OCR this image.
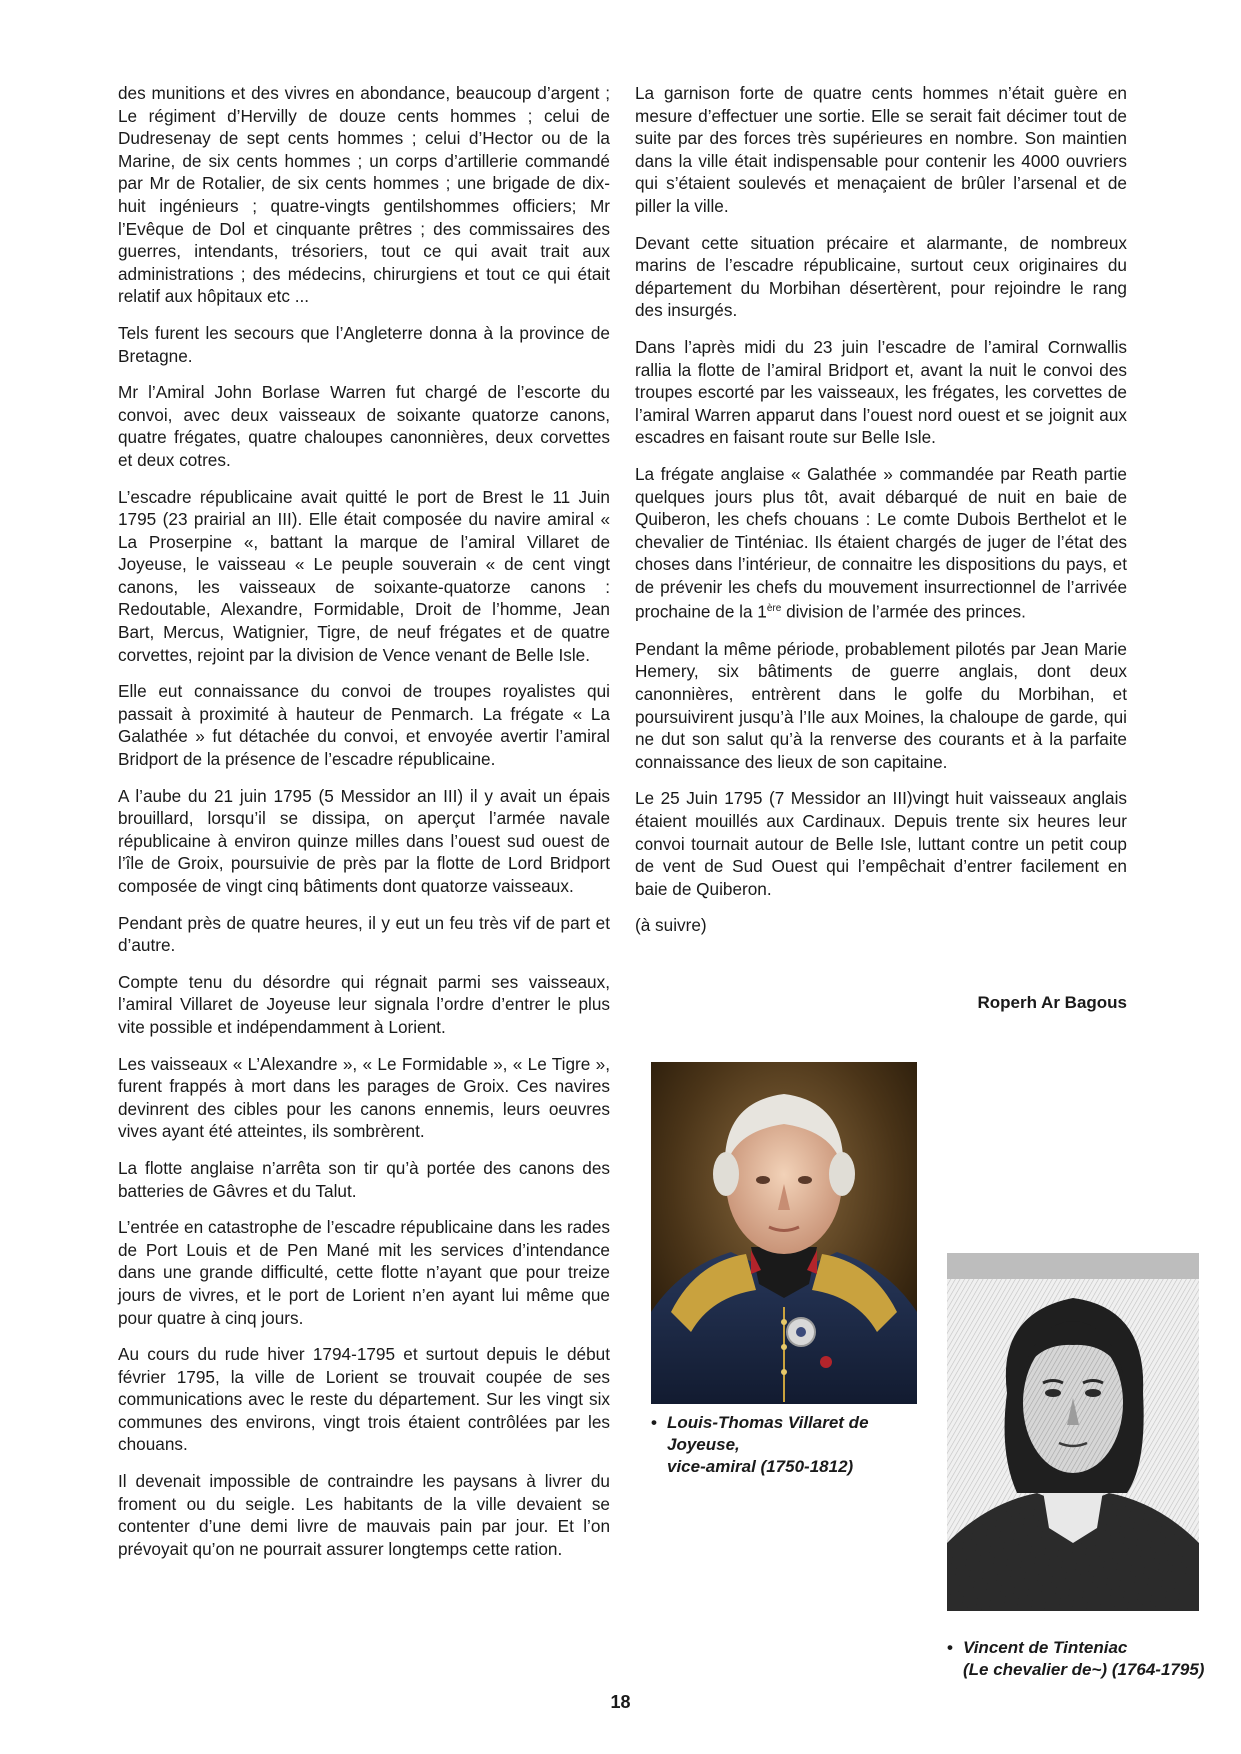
des munitions et des vivres en abondance, beaucoup d’argent ; Le régiment d’Hervilly de douze cents hommes ; celui de Dudresenay de sept cents hommes ; celui d’Hector ou de la Marine, de six cents hommes ; un corps d’artillerie commandé par Mr de Rotalier, de six cents hommes ; une brigade de dix-huit ingénieurs ; quatre-vingts gentilshommes officiers; Mr l’Evêque de Dol et cinquante prêtres ; des commissaires des guerres, intendants, trésoriers, tout ce qui avait trait aux administrations ; des médecins, chirurgiens et tout ce qui était relatif aux hôpitaux etc ...

Tels furent les secours que l’Angleterre donna à la province de Bretagne.

Mr l’Amiral John Borlase Warren fut chargé de l’escorte du convoi, avec deux vaisseaux de soixante quatorze canons, quatre frégates, quatre chaloupes canonnières, deux corvettes et deux cotres.

L’escadre républicaine avait quitté le port de Brest le 11 Juin 1795 (23 prairial an III). Elle était composée du navire amiral « La Proserpine «, battant la marque de l’amiral Villaret de Joyeuse, le vaisseau « Le peuple souverain « de cent vingt canons, les vaisseaux de soixante-quatorze canons : Redoutable, Alexandre, Formidable, Droit de l’homme, Jean Bart, Mercus, Watignier, Tigre, de neuf frégates et de quatre corvettes, rejoint par la division de Vence venant de Belle Isle.

Elle eut connaissance du convoi de troupes royalistes qui passait à proximité à hauteur de Penmarch. La frégate « La Galathée » fut détachée du convoi, et envoyée avertir l’amiral Bridport de la présence de l’escadre républicaine.

A l’aube du 21 juin 1795 (5 Messidor an III) il y avait un épais brouillard, lorsqu’il se dissipa, on aperçut l’armée navale républicaine à environ quinze milles dans l’ouest sud ouest de l’île de Groix, poursuivie de près par la flotte de Lord Bridport composée de vingt cinq bâtiments dont quatorze vaisseaux.

Pendant près de quatre heures, il y eut un feu très vif de part et d’autre.

Compte tenu du désordre qui régnait parmi ses vaisseaux, l’amiral Villaret de Joyeuse leur signala l’ordre d’entrer le plus vite possible et indépendamment à Lorient.

Les vaisseaux « L’Alexandre », « Le Formidable », « Le Tigre », furent frappés à mort dans les parages de Groix. Ces navires devinrent des cibles pour les canons ennemis, leurs oeuvres vives ayant été atteintes, ils sombrèrent.

La flotte anglaise n’arrêta son tir qu’à portée des canons des batteries de Gâvres et du Talut.

L’entrée en catastrophe de l’escadre républicaine dans les rades de Port Louis et de Pen Mané mit les services d’intendance dans une grande difficulté, cette flotte n’ayant que pour treize jours de vivres, et le port de Lorient n’en ayant lui même que pour quatre à cinq jours.

Au cours du rude hiver 1794-1795 et surtout depuis le début février 1795, la ville de Lorient se trouvait coupée de ses communications avec le reste du département. Sur les vingt six communes des environs, vingt trois étaient contrôlées par les chouans.

Il devenait impossible de contraindre les paysans à livrer du froment ou du seigle. Les habitants de la ville devaient se contenter d’une demi livre de mauvais pain par jour. Et l’on prévoyait qu’on ne pourrait assurer longtemps cette ration.

La garnison forte de quatre cents hommes n’était guère en mesure d’effectuer une sortie. Elle se serait fait décimer tout de suite par des forces très supérieures en nombre. Son maintien dans la ville était indispensable pour contenir les 4000 ouvriers qui s’étaient soulevés et menaçaient de brûler l’arsenal et de piller la ville.

Devant cette situation précaire et alarmante, de nombreux marins de l’escadre républicaine, surtout ceux originaires du département du Morbihan désertèrent, pour rejoindre le rang des insurgés.

Dans l’après midi du 23 juin l’escadre de l’amiral Cornwallis rallia la flotte de l’amiral Bridport et, avant la nuit le convoi des troupes escorté par les vaisseaux, les frégates, les corvettes de l’amiral Warren apparut dans l’ouest nord ouest et se joignit aux escadres en faisant route sur Belle Isle.

La frégate anglaise « Galathée » commandée par Reath partie quelques jours plus tôt, avait débarqué de nuit en baie de Quiberon, les chefs chouans : Le comte Dubois Berthelot et le chevalier de Tinténiac. Ils étaient chargés de juger de l’état des choses dans l’intérieur, de connaitre les dispositions du pays, et de prévenir les chefs du mouvement insurrectionnel de l’arrivée prochaine de la 1ère division de l’armée des princes.

Pendant la même période, probablement pilotés par Jean Marie Hemery, six bâtiments de guerre anglais, dont deux canonnières, entrèrent dans le golfe du Morbihan, et poursuivirent jusqu’à l’Ile aux Moines, la chaloupe de garde, qui ne dut son salut qu’à la renverse des courants et à la parfaite connaissance des lieux de son capitaine.

Le 25 Juin 1795 (7 Messidor an III)vingt huit vaisseaux anglais étaient mouillés aux Cardinaux. Depuis trente six heures leur convoi tournait autour de Belle Isle, luttant contre un petit coup de vent de Sud Ouest qui l’empêchait d’entrer facilement en baie de Quiberon.

(à suivre)

Roperh Ar Bagous
• Louis-Thomas Villaret de Joyeuse,
vice-amiral (1750-1812)
• Vincent de Tinteniac
(Le chevalier de~) (1764-1795)
18
